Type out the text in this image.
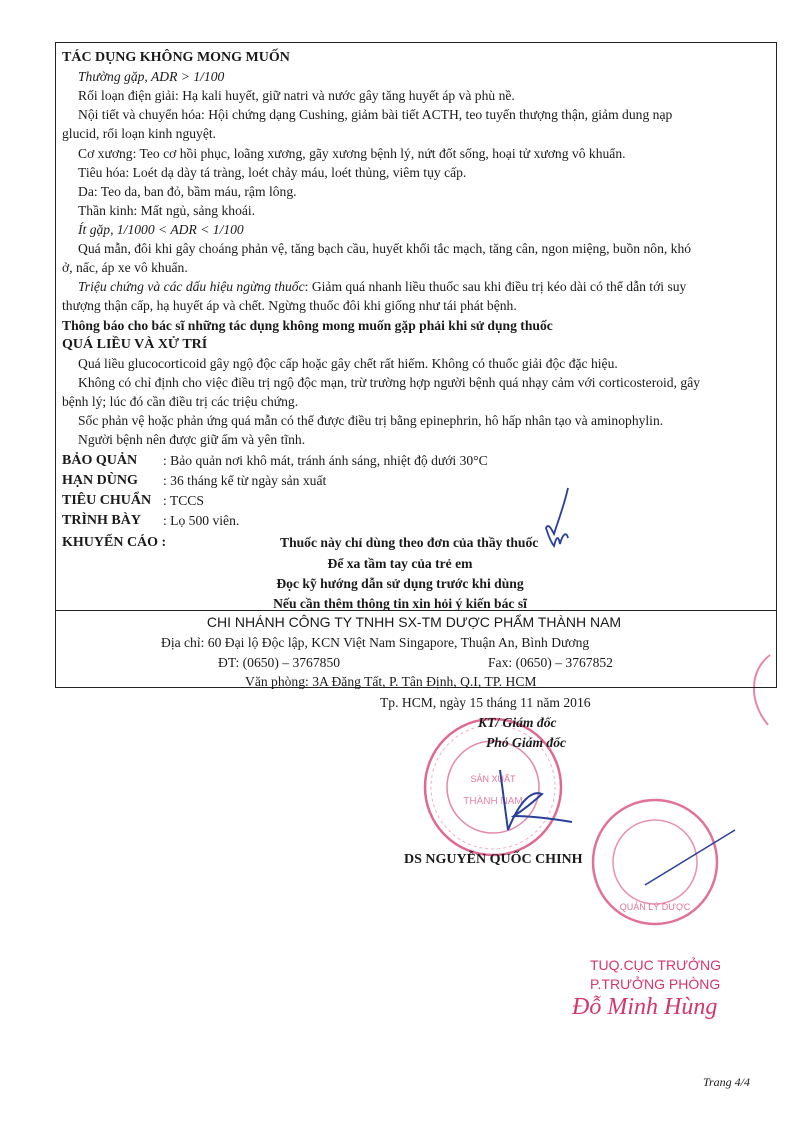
SẢN XUẤT
THÀNH NAM
QUẢN LÝ DƯỢC
TÁC DỤNG KHÔNG MONG MUỐN
Thường gặp, ADR > 1/100
Rối loạn điện giải: Hạ kali huyết, giữ natri và nước gây tăng huyết áp và phù nề.
Nội tiết và chuyển hóa: Hội chứng dạng Cushing, giảm bài tiết ACTH, teo tuyến thượng thận, giảm dung nạp
glucid, rối loạn kinh nguyệt.
Cơ xương: Teo cơ hồi phục, loãng xương, gãy xương bệnh lý, nứt đốt sống, hoại tử xương vô khuẩn.
Tiêu hóa: Loét dạ dày tá tràng, loét chảy máu, loét thủng, viêm tụy cấp.
Da: Teo da, ban đỏ, bầm máu, rậm lông.
Thần kinh: Mất ngủ, sảng khoái.
Ít gặp, 1/1000 < ADR < 1/100
Quá mẫn, đôi khi gây choáng phản vệ, tăng bạch cầu, huyết khối tắc mạch, tăng cân, ngon miệng, buồn nôn, khó
ở, nấc, áp xe vô khuẩn.
Triệu chứng và các dấu hiệu ngừng thuốc: Giảm quá nhanh liều thuốc sau khi điều trị kéo dài có thể dẫn tới suy
thượng thận cấp, hạ huyết áp và chết. Ngừng thuốc đôi khi giống như tái phát bệnh.
Thông báo cho bác sĩ những tác dụng không mong muốn gặp phải khi sử dụng thuốc
QUÁ LIỀU VÀ XỬ TRÍ
Quá liều glucocorticoid gây ngộ độc cấp hoặc gây chết rất hiếm. Không có thuốc giải độc đặc hiệu.
Không có chỉ định cho việc điều trị ngộ độc mạn, trừ trường hợp người bệnh quá nhạy cảm với corticosteroid, gây
bệnh lý; lúc đó cần điều trị các triệu chứng.
Sốc phản vệ hoặc phản ứng quá mẫn có thể được điều trị bằng epinephrin, hô hấp nhân tạo và aminophylin.
Người bệnh nên được giữ ấm và yên tĩnh.
BẢO QUẢN : Bảo quản nơi khô mát, tránh ánh sáng, nhiệt độ dưới 30°C
HẠN DÙNG : 36 tháng kể từ ngày sản xuất
TIÊU CHUẨN : TCCS
TRÌNH BÀY : Lọ 500 viên.
KHUYẾN CÁO :	Thuốc này chỉ dùng theo đơn của thầy thuốc
Để xa tầm tay của trẻ em
Đọc kỹ hướng dẫn sử dụng trước khi dùng
Nếu cần thêm thông tin xin hỏi ý kiến bác sĩ
CHI NHÁNH CÔNG TY TNHH SX-TM DƯỢC PHẨM THÀNH NAM
Địa chỉ: 60 Đại lộ Độc lập, KCN Việt Nam Singapore, Thuận An, Bình Dương
ĐT: (0650) – 3767850	Fax: (0650) – 3767852
Văn phòng: 3A Đặng Tất, P. Tân Định, Q.I, TP. HCM
Tp. HCM, ngày 15 tháng 11 năm 2016
KT/ Giám đốc
Phó Giám đốc
DS NGUYỄN QUỐC CHINH
TUQ.CỤC TRƯỞNG
P.TRƯỞNG PHÒNG
Đỗ Minh Hùng
Trang 4/4
